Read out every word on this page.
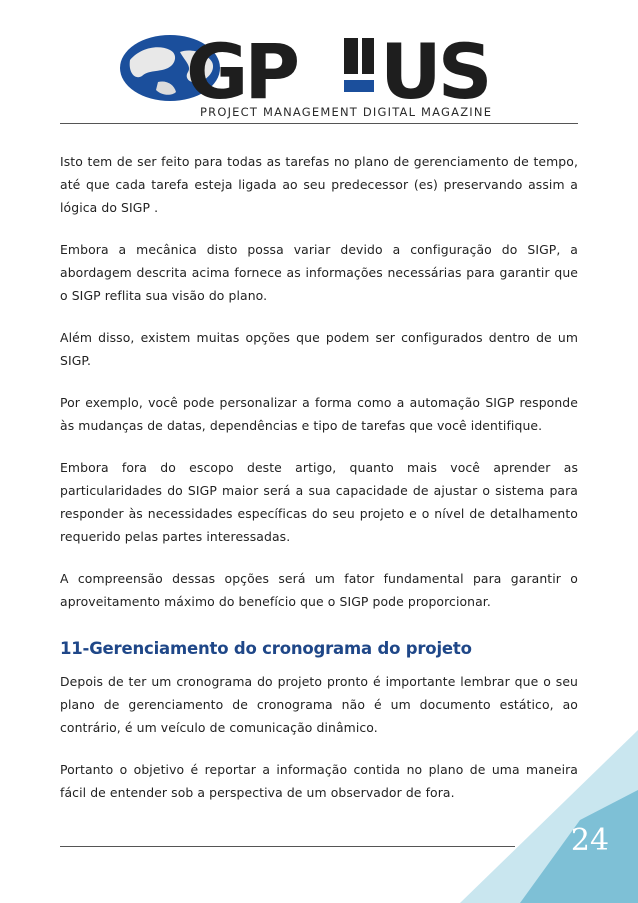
GP US
PROJECT MANAGEMENT DIGITAL MAGAZINE

Isto tem de ser feito para todas as tarefas no plano de gerenciamento de tempo, até que cada tarefa esteja ligada ao seu predecessor (es) preservando assim a lógica do SIGP .

Embora a mecânica disto possa variar devido a configuração do SIGP, a abordagem descrita acima fornece as informações necessárias para garantir que o SIGP reflita sua visão do plano.

Além disso, existem muitas opções que podem ser configurados dentro de um SIGP.

Por exemplo, você pode personalizar a forma como a automação SIGP responde às mudanças de datas, dependências e tipo de tarefas que você identifique.

Embora fora do escopo deste artigo, quanto mais você aprender as particularidades do SIGP maior será a sua capacidade de ajustar o sistema para responder às necessidades específicas do seu projeto e o nível de detalhamento requerido pelas partes interessadas.

A compreensão dessas opções será um fator fundamental para garantir o aproveitamento máximo do benefício que o SIGP pode proporcionar.

11-Gerenciamento do cronograma do projeto

Depois de ter um cronograma do projeto pronto é importante lembrar que o seu plano de gerenciamento de cronograma não é um documento estático, ao contrário, é um veículo de comunicação dinâmico.

Portanto o objetivo é reportar a informação contida no plano de uma maneira fácil de entender sob a perspectiva de um observador de fora.

24
